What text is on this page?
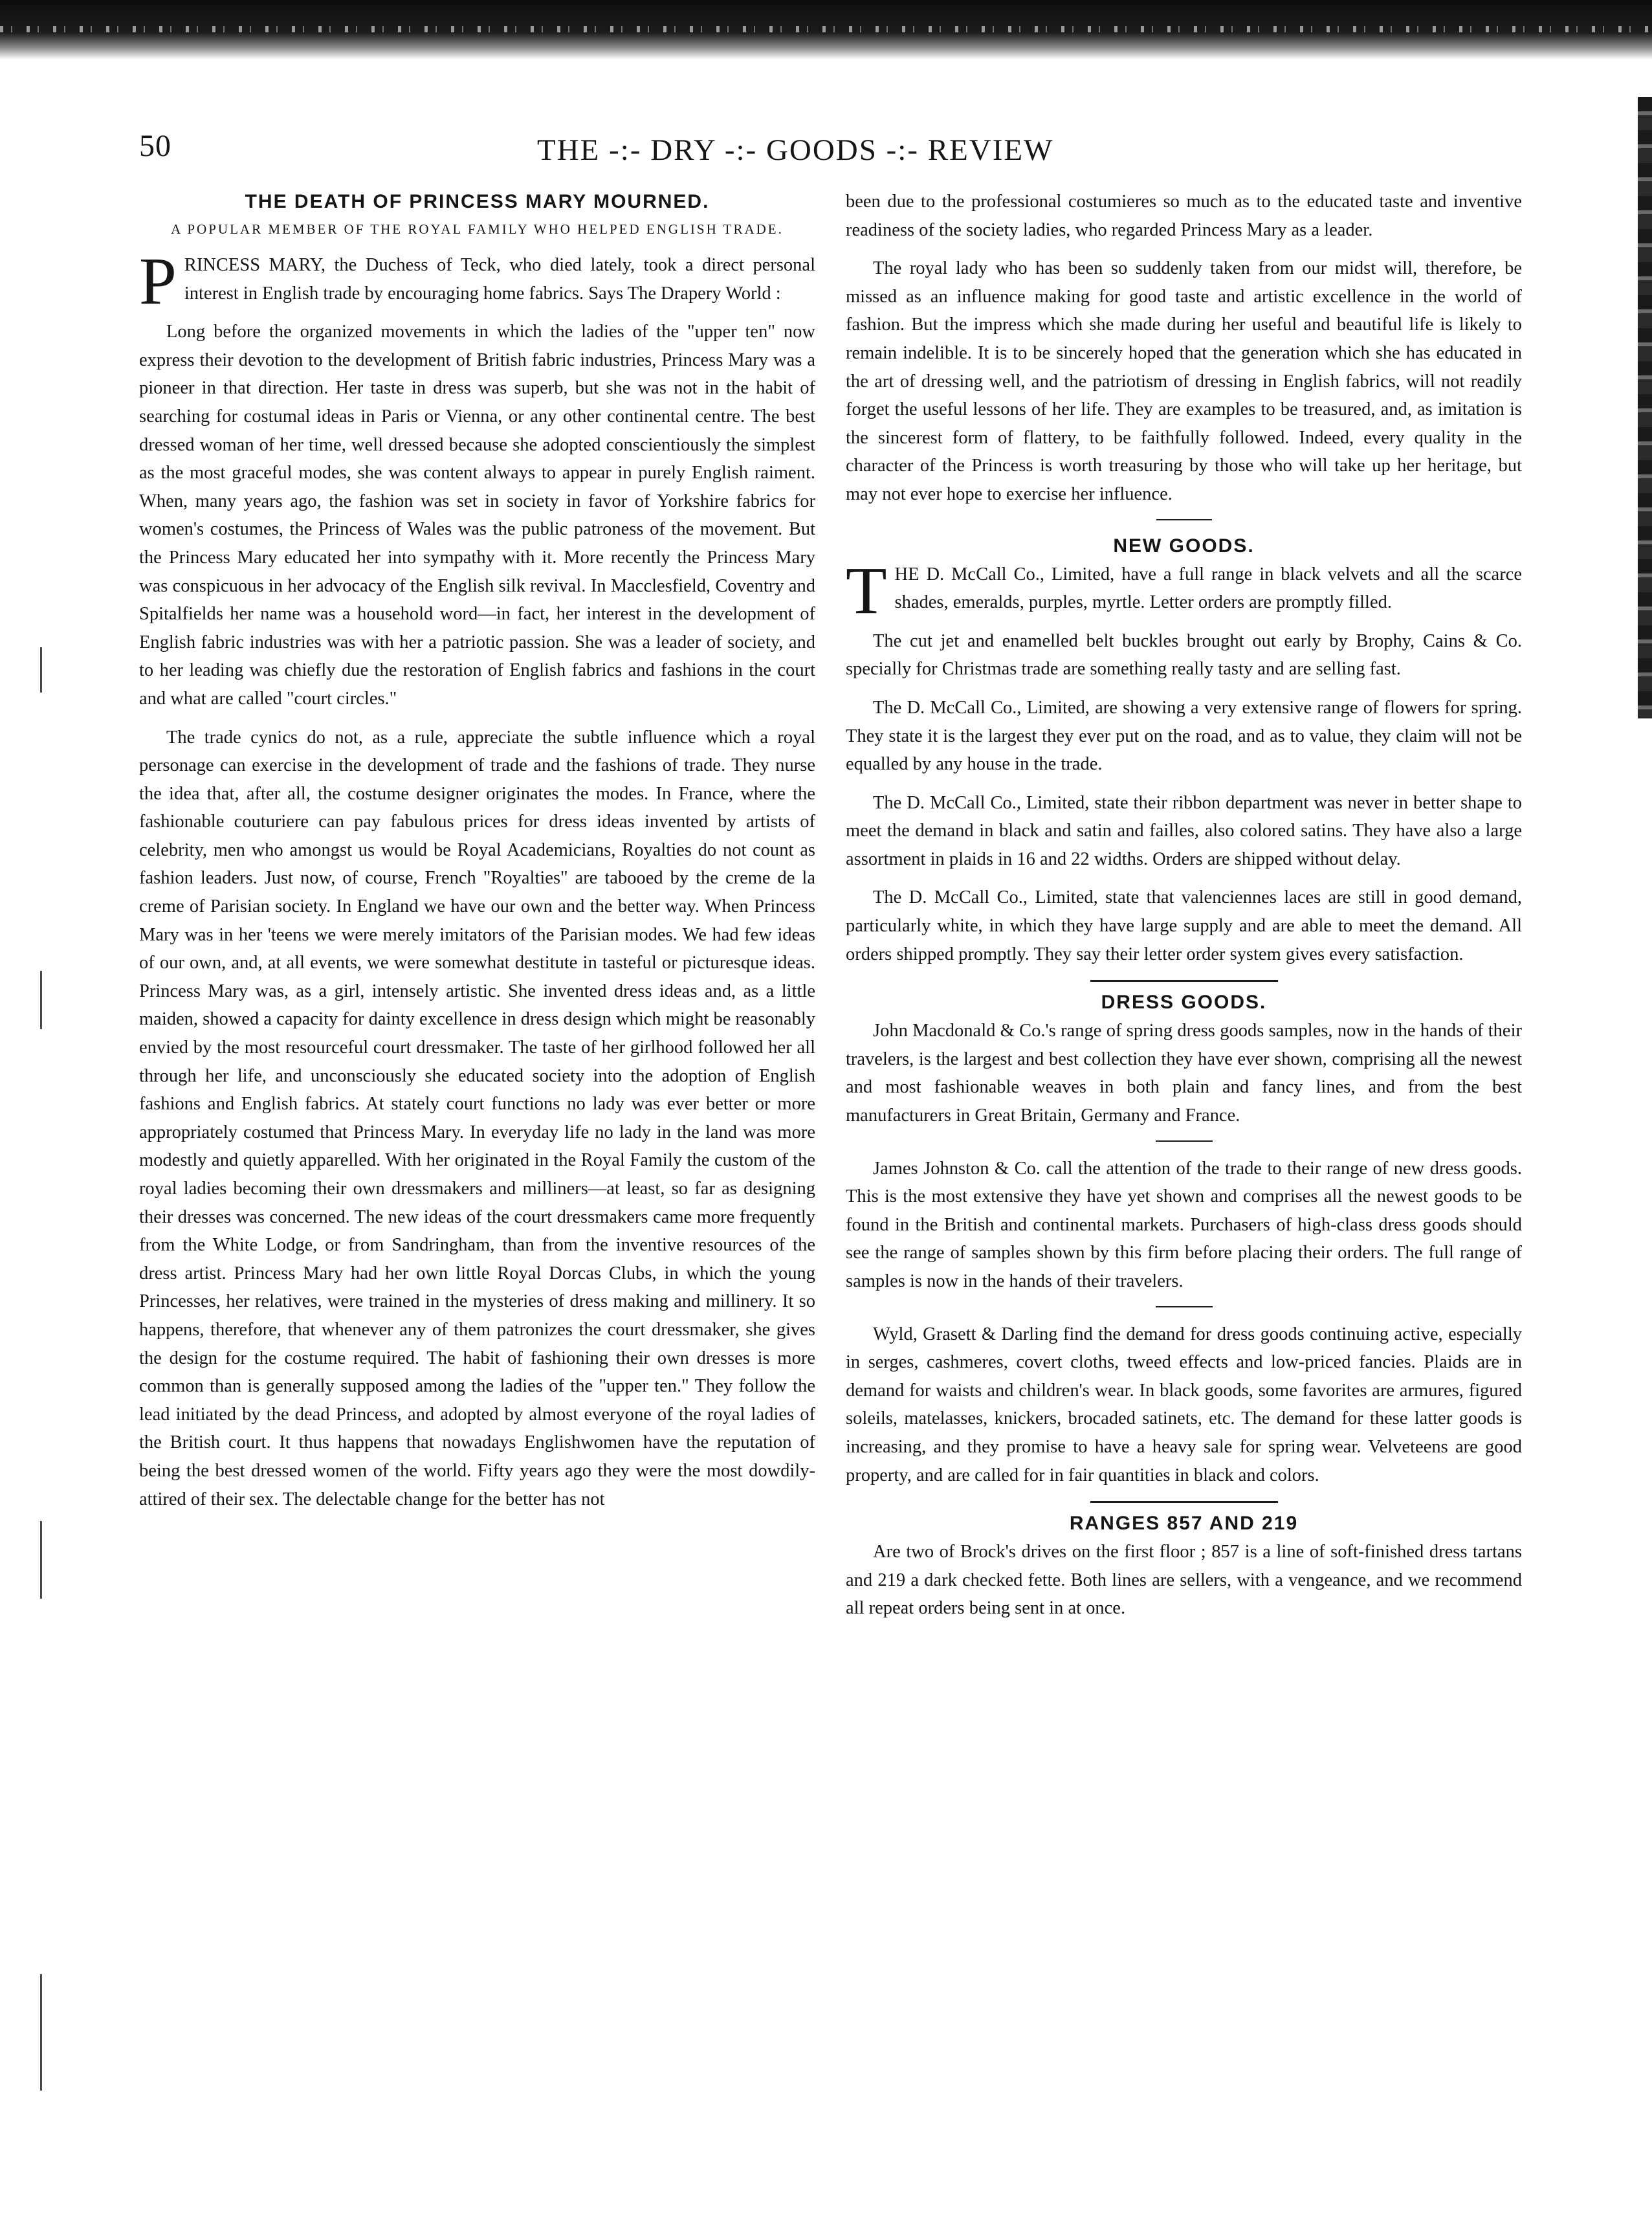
50	THE -:- DRY -:- GOODS -:- REVIEW
THE DEATH OF PRINCESS MARY MOURNED.
A POPULAR MEMBER OF THE ROYAL FAMILY WHO HELPED ENGLISH TRADE.

PRINCESS MARY, the Duchess of Teck, who died lately, took a direct personal interest in English trade by encouraging home fabrics. Says The Drapery World :

Long before the organized movements in which the ladies of the "upper ten" now express their devotion to the development of British fabric industries, Princess Mary was a pioneer in that direction. Her taste in dress was superb, but she was not in the habit of searching for costumal ideas in Paris or Vienna, or any other continental centre. The best dressed woman of her time, well dressed because she adopted conscientiously the simplest as the most graceful modes, she was content always to appear in purely English raiment. When, many years ago, the fashion was set in society in favor of Yorkshire fabrics for women's costumes, the Princess of Wales was the public patroness of the movement. But the Princess Mary educated her into sympathy with it. More recently the Princess Mary was conspicuous in her advocacy of the English silk revival. In Macclesfield, Coventry and Spitalfields her name was a household word—in fact, her interest in the development of English fabric industries was with her a patriotic passion. She was a leader of society, and to her leading was chiefly due the restoration of English fabrics and fashions in the court and what are called "court circles."

The trade cynics do not, as a rule, appreciate the subtle influence which a royal personage can exercise in the development of trade and the fashions of trade. They nurse the idea that, after all, the costume designer originates the modes. In France, where the fashionable couturiere can pay fabulous prices for dress ideas invented by artists of celebrity, men who amongst us would be Royal Academicians, Royalties do not count as fashion leaders. Just now, of course, French "Royalties" are tabooed by the creme de la creme of Parisian society. In England we have our own and the better way. When Princess Mary was in her 'teens we were merely imitators of the Parisian modes. We had few ideas of our own, and, at all events, we were somewhat destitute in tasteful or picturesque ideas. Princess Mary was, as a girl, intensely artistic. She invented dress ideas and, as a little maiden, showed a capacity for dainty excellence in dress design which might be reasonably envied by the most resourceful court dressmaker. The taste of her girlhood followed her all through her life, and unconsciously she educated society into the adoption of English fashions and English fabrics. At stately court functions no lady was ever better or more appropriately costumed that Princess Mary. In everyday life no lady in the land was more modestly and quietly apparelled. With her originated in the Royal Family the custom of the royal ladies becoming their own dressmakers and milliners—at least, so far as designing their dresses was concerned. The new ideas of the court dressmakers came more frequently from the White Lodge, or from Sandringham, than from the inventive resources of the dress artist. Princess Mary had her own little Royal Dorcas Clubs, in which the young Princesses, her relatives, were trained in the mysteries of dress making and millinery. It so happens, therefore, that whenever any of them patronizes the court dressmaker, she gives the design for the costume required. The habit of fashioning their own dresses is more common than is generally supposed among the ladies of the "upper ten." They follow the lead initiated by the dead Princess, and adopted by almost everyone of the royal ladies of the British court. It thus happens that nowadays Englishwomen have the reputation of being the best dressed women of the world. Fifty years ago they were the most dowdily-attired of their sex. The delectable change for the better has not

been due to the professional costumieres so much as to the educated taste and inventive readiness of the society ladies, who regarded Princess Mary as a leader.

The royal lady who has been so suddenly taken from our midst will, therefore, be missed as an influence making for good taste and artistic excellence in the world of fashion. But the impress which she made during her useful and beautiful life is likely to remain indelible. It is to be sincerely hoped that the generation which she has educated in the art of dressing well, and the patriotism of dressing in English fabrics, will not readily forget the useful lessons of her life. They are examples to be treasured, and, as imitation is the sincerest form of flattery, to be faithfully followed. Indeed, every quality in the character of the Princess is worth treasuring by those who will take up her heritage, but may not ever hope to exercise her influence.

NEW GOODS.

THE D. McCall Co., Limited, have a full range in black velvets and all the scarce shades, emeralds, purples, myrtle. Letter orders are promptly filled.

The cut jet and enamelled belt buckles brought out early by Brophy, Cains & Co. specially for Christmas trade are something really tasty and are selling fast.

The D. McCall Co., Limited, are showing a very extensive range of flowers for spring. They state it is the largest they ever put on the road, and as to value, they claim will not be equalled by any house in the trade.

The D. McCall Co., Limited, state their ribbon department was never in better shape to meet the demand in black and satin and failles, also colored satins. They have also a large assortment in plaids in 16 and 22 widths. Orders are shipped without delay.

The D. McCall Co., Limited, state that valenciennes laces are still in good demand, particularly white, in which they have large supply and are able to meet the demand. All orders shipped promptly. They say their letter order system gives every satisfaction.

DRESS GOODS.

John Macdonald & Co.'s range of spring dress goods samples, now in the hands of their travelers, is the largest and best collection they have ever shown, comprising all the newest and most fashionable weaves in both plain and fancy lines, and from the best manufacturers in Great Britain, Germany and France.

James Johnston & Co. call the attention of the trade to their range of new dress goods. This is the most extensive they have yet shown and comprises all the newest goods to be found in the British and continental markets. Purchasers of high-class dress goods should see the range of samples shown by this firm before placing their orders. The full range of samples is now in the hands of their travelers.

Wyld, Grasett & Darling find the demand for dress goods continuing active, especially in serges, cashmeres, covert cloths, tweed effects and low-priced fancies. Plaids are in demand for waists and children's wear. In black goods, some favorites are armures, figured soleils, matelasses, knickers, brocaded satinets, etc. The demand for these latter goods is increasing, and they promise to have a heavy sale for spring wear. Velveteens are good property, and are called for in fair quantities in black and colors.

RANGES 857 AND 219

Are two of Brock's drives on the first floor ; 857 is a line of soft-finished dress tartans and 219 a dark checked fette. Both lines are sellers, with a vengeance, and we recommend all repeat orders being sent in at once.
